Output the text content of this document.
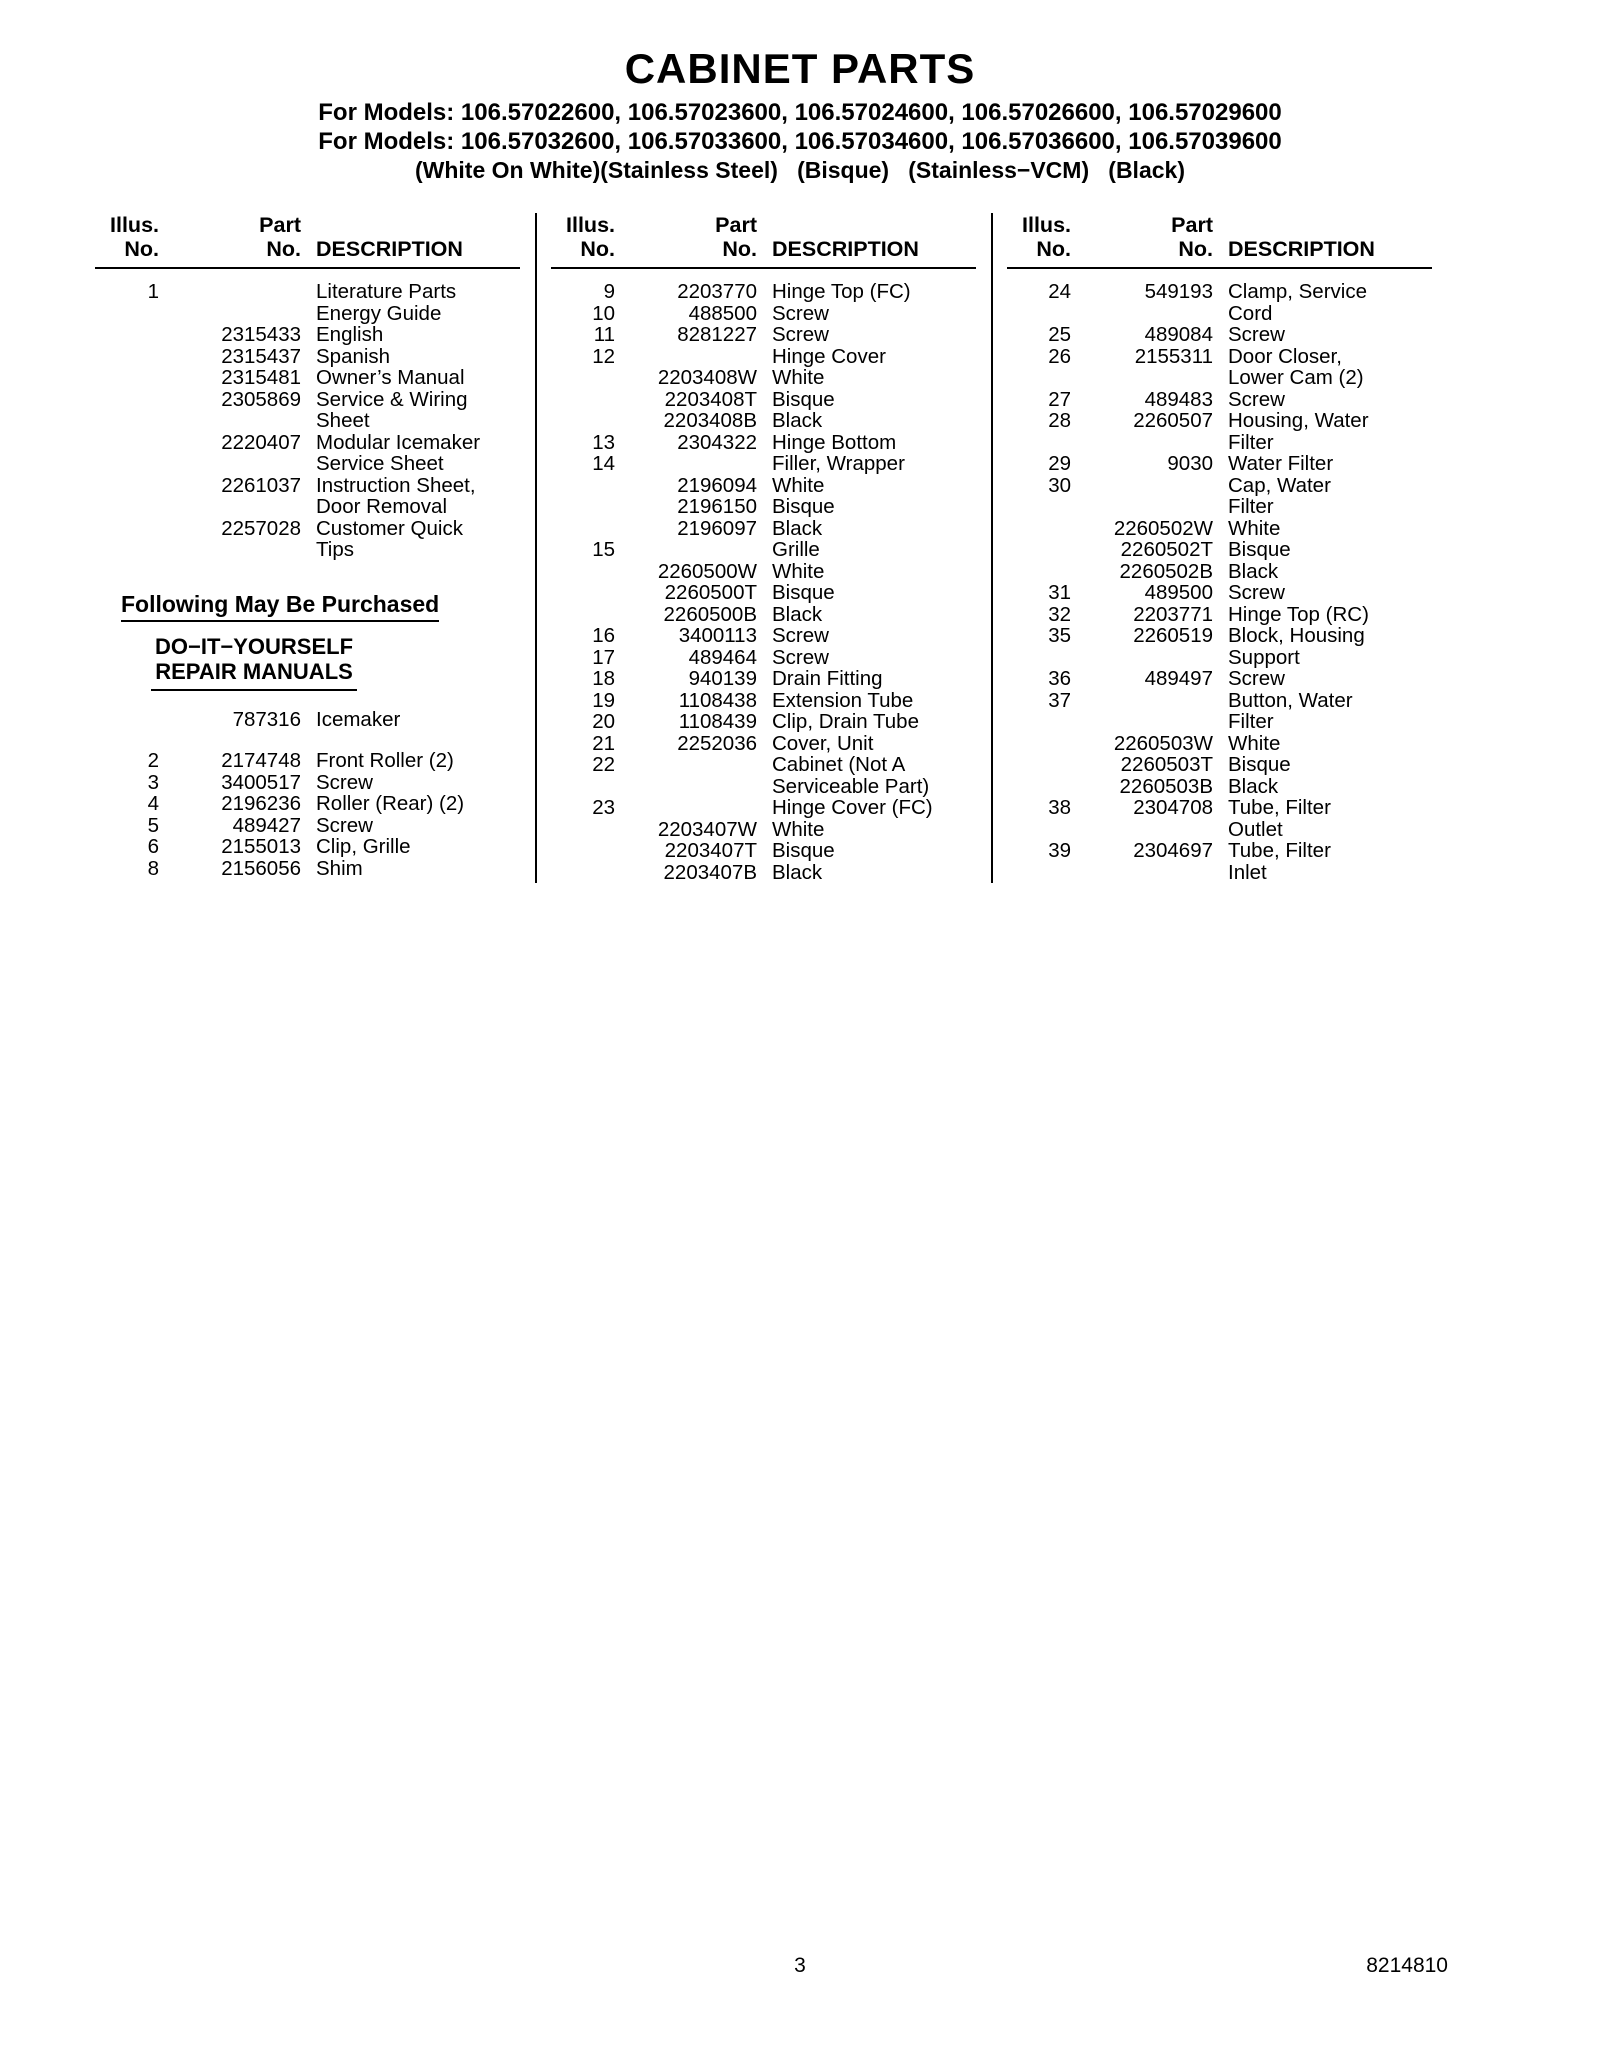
CABINET PARTS
For Models: 106.57022600, 106.57023600, 106.57024600, 106.57026600, 106.57029600
For Models: 106.57032600, 106.57033600, 106.57034600, 106.57036600, 106.57039600
(White On White)(Stainless Steel)   (Bisque)   (Stainless−VCM)   (Black)
Illus.
No.
Part
No. DESCRIPTION
1	Literature Parts
Energy Guide
2315433 English
2315437 Spanish
2315481 Owner’s Manual
2305869 Service & Wiring
Sheet
2220407 Modular Icemaker
Service Sheet
2261037 Instruction Sheet,
Door Removal
2257028 Customer Quick
Tips
Following May Be Purchased
DO−IT−YOURSELF
REPAIR MANUALS
787316 Icemaker
2	2174748 Front Roller (2)
3	3400517 Screw
4	2196236 Roller (Rear) (2)
5	489427 Screw
6	2155013 Clip, Grille
8	2156056 Shim
Illus.
No.
Part
No. DESCRIPTION
9	2203770 Hinge Top (FC)
10	488500 Screw
11	8281227 Screw
12	Hinge Cover
2203408W White
2203408T Bisque
2203408B Black
13	2304322 Hinge Bottom
14	Filler, Wrapper
2196094 White
2196150 Bisque
2196097 Black
15	Grille
2260500W White
2260500T Bisque
2260500B Black
16	3400113 Screw
17	489464 Screw
18	940139 Drain Fitting
19	1108438 Extension Tube
20	1108439 Clip, Drain Tube
21	2252036 Cover, Unit
22	Cabinet (Not A
Serviceable Part)
23	Hinge Cover (FC)
2203407W White
2203407T Bisque
2203407B Black
Illus.
No.
Part
No. DESCRIPTION
24	549193 Clamp, Service
Cord
25	489084 Screw
26	2155311 Door Closer,
Lower Cam (2)
27	489483 Screw
28	2260507 Housing, Water
Filter
29	9030 Water Filter
30	Cap, Water
Filter
2260502W White
2260502T Bisque
2260502B Black
31	489500 Screw
32	2203771 Hinge Top (RC)
35	2260519 Block, Housing
Support
36	489497 Screw
37	Button, Water
Filter
2260503W White
2260503T Bisque
2260503B Black
38	2304708 Tube, Filter
Outlet
39	2304697 Tube, Filter
Inlet
3	8214810
